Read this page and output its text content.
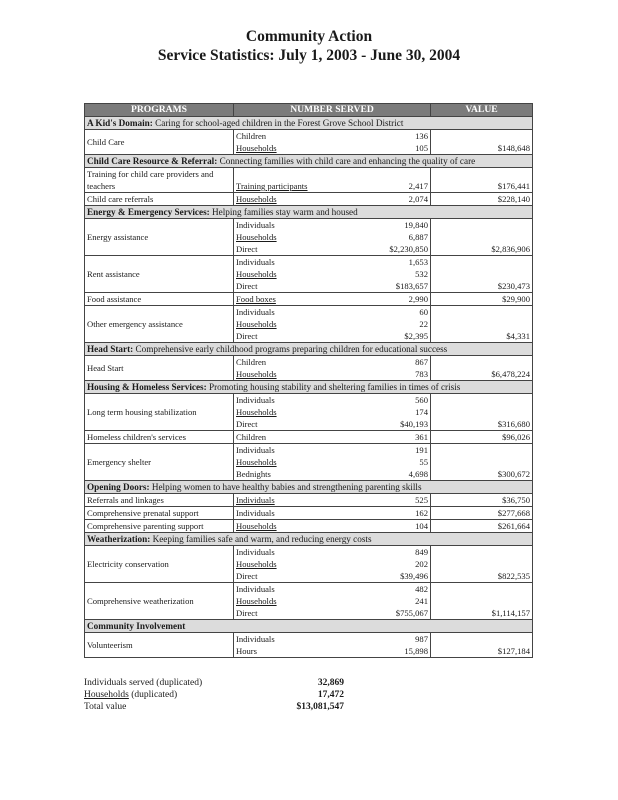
Community Action
Service Statistics: July 1, 2003 - June 30, 2004
PROGRAMS	NUMBER SERVED		VALUE
A Kid's Domain: Caring for school-aged children in the Forest Grove School District			
Child Care	Children	136	$148,648
	Households	105	
Child Care Resource & Referral: Connecting families with child care and enhancing the quality of care			
Training for child care providers and teachers	Training participants	2,417	$176,441
Child care referrals	Households	2,074	$228,140
Energy & Emergency Services: Helping families stay warm and housed			
Energy assistance	Individuals	19,840	$2,836,906
	Households	6,887	
	Direct	$2,230,850	
Rent assistance	Individuals	1,653	$230,473
	Households	532	
	Direct	$183,657	
Food assistance	Food boxes	2,990	$29,900
Other emergency assistance	Individuals	60	$4,331
	Households	22	
	Direct	$2,395	
Head Start: Comprehensive early childhood programs preparing children for educational success			
Head Start	Children	867	$6,478,224
	Households	783	
Housing & Homeless Services: Promoting housing stability and sheltering families in times of crisis			
Long term housing stabilization	Individuals	560	$316,680
	Households	174	
	Direct	$40,193	
Homeless children's services	Children	361	$96,026
Emergency shelter	Individuals	191	$300,672
	Households	55	
	Bednights	4,698	
Opening Doors: Helping women to have healthy babies and strengthening parenting skills			
Referrals and linkages	Individuals	525	$36,750
Comprehensive prenatal support	Individuals	162	$277,668
Comprehensive parenting support	Households	104	$261,664
Weatherization: Keeping families safe and warm, and reducing energy costs			
Electricity conservation	Individuals	849	$822,535
	Households	202	
	Direct	$39,496	
Comprehensive weatherization	Individuals	482	$1,114,157
	Households	241	
	Direct	$755,067	
Community Involvement			
Volunteerism	Individuals	987	$127,184
	Hours	15,898	
Individuals served (duplicated)	32,869
Households (duplicated)	17,472
Total value	$13,081,547
